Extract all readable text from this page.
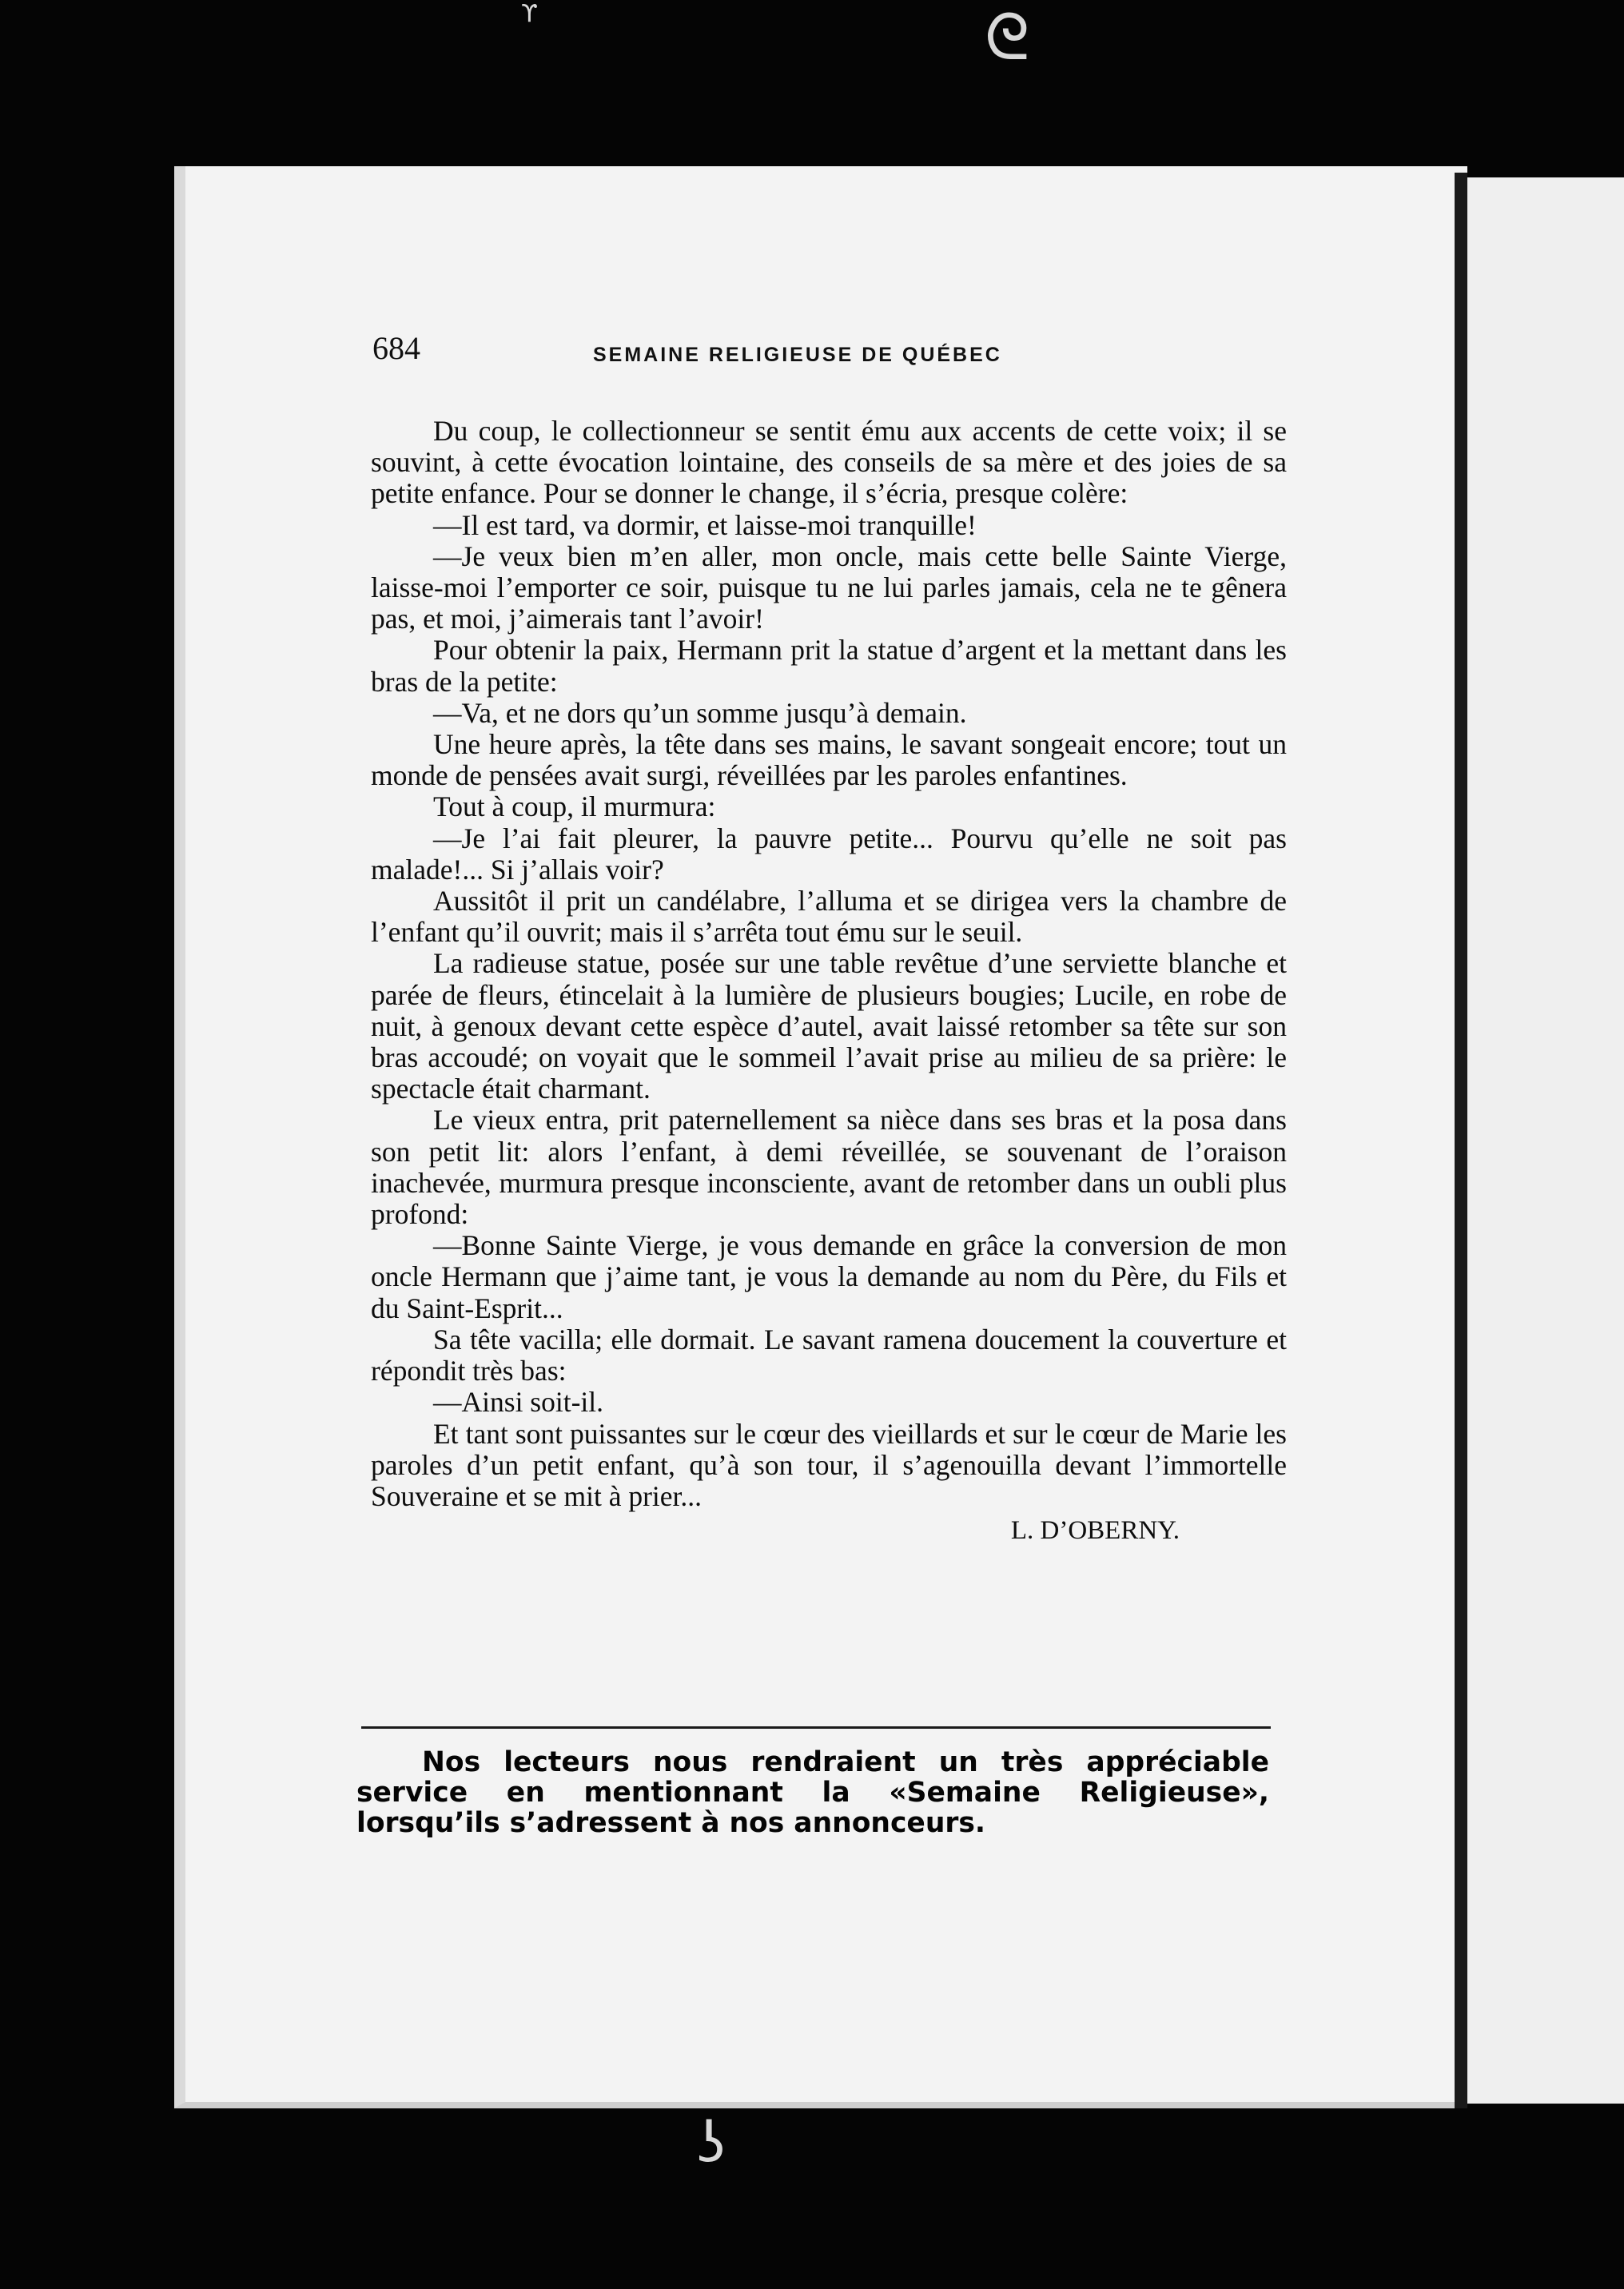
ϒ	ᘓ
ʖ
684	SEMAINE RELIGIEUSE DE QUÉBEC

Du coup, le collectionneur se sentit ému aux accents de cette voix; il se souvint, à cette évocation lointaine, des conseils de sa mère et des joies de sa petite enfance. Pour se donner le change, il s’écria, presque colère:

—Il est tard, va dormir, et laisse-moi tranquille!

—Je veux bien m’en aller, mon oncle, mais cette belle Sainte Vierge, laisse-moi l’emporter ce soir, puisque tu ne lui parles jamais, cela ne te gênera pas, et moi, j’aimerais tant l’avoir!

Pour obtenir la paix, Hermann prit la statue d’argent et la mettant dans les bras de la petite:

—Va, et ne dors qu’un somme jusqu’à demain.

Une heure après, la tête dans ses mains, le savant songeait encore; tout un monde de pensées avait surgi, réveillées par les paroles enfantines.

Tout à coup, il murmura:

—Je l’ai fait pleurer, la pauvre petite... Pourvu qu’elle ne soit pas malade!... Si j’allais voir?

Aussitôt il prit un candélabre, l’alluma et se dirigea vers la chambre de l’enfant qu’il ouvrit; mais il s’arrêta tout ému sur le seuil.

La radieuse statue, posée sur une table revêtue d’une serviette blanche et parée de fleurs, étincelait à la lumière de plusieurs bougies; Lucile, en robe de nuit, à genoux devant cette espèce d’autel, avait laissé retomber sa tête sur son bras accoudé; on voyait que le sommeil l’avait prise au milieu de sa prière: le spectacle était charmant.

Le vieux entra, prit paternellement sa nièce dans ses bras et la posa dans son petit lit: alors l’enfant, à demi réveillée, se souvenant de l’oraison inachevée, murmura presque inconsciente, avant de retomber dans un oubli plus profond:

—Bonne Sainte Vierge, je vous demande en grâce la conversion de mon oncle Hermann que j’aime tant, je vous la demande au nom du Père, du Fils et du Saint-Esprit...

Sa tête vacilla; elle dormait. Le savant ramena doucement la couverture et répondit très bas:

—Ainsi soit-il.

Et tant sont puissantes sur le cœur des vieillards et sur le cœur de Marie les paroles d’un petit enfant, qu’à son tour, il s’agenouilla devant l’immortelle Souveraine et se mit à prier...

L. D’OBERNY.

Nos lecteurs nous rendraient un très appréciable service en mentionnant la «Semaine Religieuse», lorsqu’ils s’adressent à nos annonceurs.
